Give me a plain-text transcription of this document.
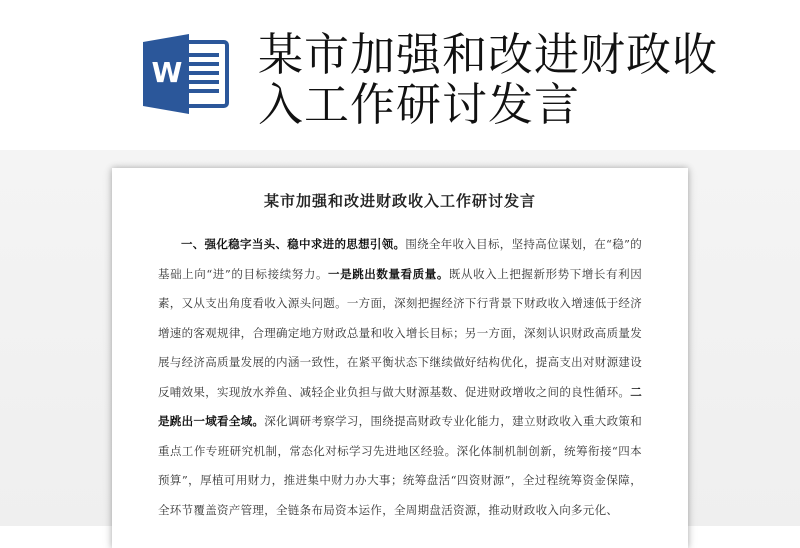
W 某市加强和改进财政收入工作研讨发言
某市加强和改进财政收入工作研讨发言
一、强化稳字当头、稳中求进的思想引领。围绕全年收入目标，坚持高位谋划，在“稳”的基础上向“进”的目标接续努力。一是跳出数量看质量。既从收入上把握新形势下增长有利因素，又从支出角度看收入源头问题。一方面，深刻把握经济下行背景下财政收入增速低于经济增速的客观规律，合理确定地方财政总量和收入增长目标；另一方面，深刻认识财政高质量发展与经济高质量发展的内涵一致性，在紧平衡状态下继续做好结构优化，提高支出对财源建设反哺效果，实现放水养鱼、减轻企业负担与做大财源基数、促进财政增收之间的良性循环。二是跳出一域看全域。深化调研考察学习，围绕提高财政专业化能力，建立财政收入重大政策和重点工作专班研究机制，常态化对标学习先进地区经验。深化体制机制创新，统筹衔接“四本预算”，厚植可用财力，推进集中财力办大事；统筹盘活“四资财源”，全过程统筹资金保障，全环节覆盖资产管理，全链条布局资本运作，全周期盘活资源，推动财政收入向多元化、
